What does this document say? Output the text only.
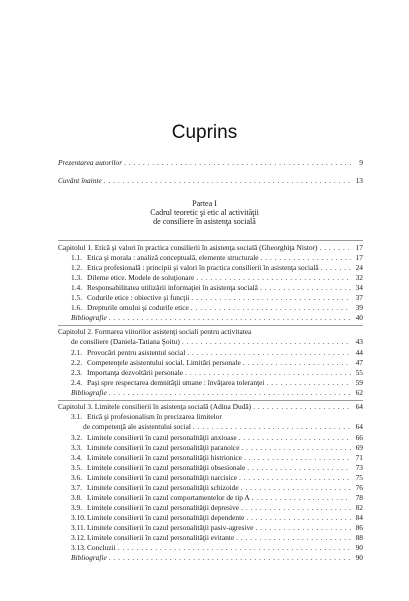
Cuprins
Prezentarea autorilor . . .	9
Cuvânt înainte . . .	13
Partea I
Cadrul teoretic şi etic al activităţii
de consiliere în asistenţa socială
Capitolul 1. Etică şi valori în practica consilierii în asistenţa socială (Gheorghiţa Nistor) . . .	17
1.1. Etica şi morala : analiză conceptuală, elemente structurale . . .	17
1.2. Etica profesională : principii şi valori în practica consilierii în asistenţa socială . . .	24
1.3. Dileme etice. Modele de soluţionare . . .	32
1.4. Responsabilitatea utilizării informaţiei în asistenţa socială . . .	34
1.5. Codurile etice : obiective şi funcţii . . .	37
1.6. Drepturile omului şi codurile etice . . .	39
Bibliografie . . .	40
Capitolul 2. Formarea viitorilor asistenţi sociali pentru activitatea
de consiliere (Daniela-Tatiana Şoitu) . . .	43
2.1. Provocări pentru asistentul social . . .	44
2.2. Competenţele asistentului social. Limitări personale . . .	47
2.3. Importanţa dezvoltării personale . . .	55
2.4. Paşi spre respectarea demnităţii umane : învăţarea toleranţei . . .	59
Bibliografie . . .	62
Capitolul 3. Limitele consilierii în asistenţa socială (Adina Dudă) . . .	64
3.1. Etică şi profesionalism în precizarea limitelor
de competenţă ale asistentului social . . .	64
3.2. Limitele consilierii în cazul personalităţii anxioase . . .	66
3.3. Limitele consilierii în cazul personalităţii paranoice . . .	69
3.4. Limitele consilierii în cazul personalităţii histrionice . . .	71
3.5. Limitele consilierii în cazul personalităţii obsesionale . . .	73
3.6. Limitele consilierii în cazul personalităţii narcisice . . .	75
3.7. Limitele consilierii în cazul personalităţii schizoide . . .	76
3.8. Limitele consilierii în cazul comportamentelor de tip A . . .	78
3.9. Limitele consilierii în cazul personalităţii depresive . . .	82
3.10. Limitele consilierii în cazul personalităţii dependente . . .	84
3.11. Limitele consilierii în cazul personalităţii pasiv-agresive . . .	86
3.12. Limitele consilierii în cazul personalităţii evitante . . .	88
3.13. Concluzii . . .	90
Bibliografie . . .	90
